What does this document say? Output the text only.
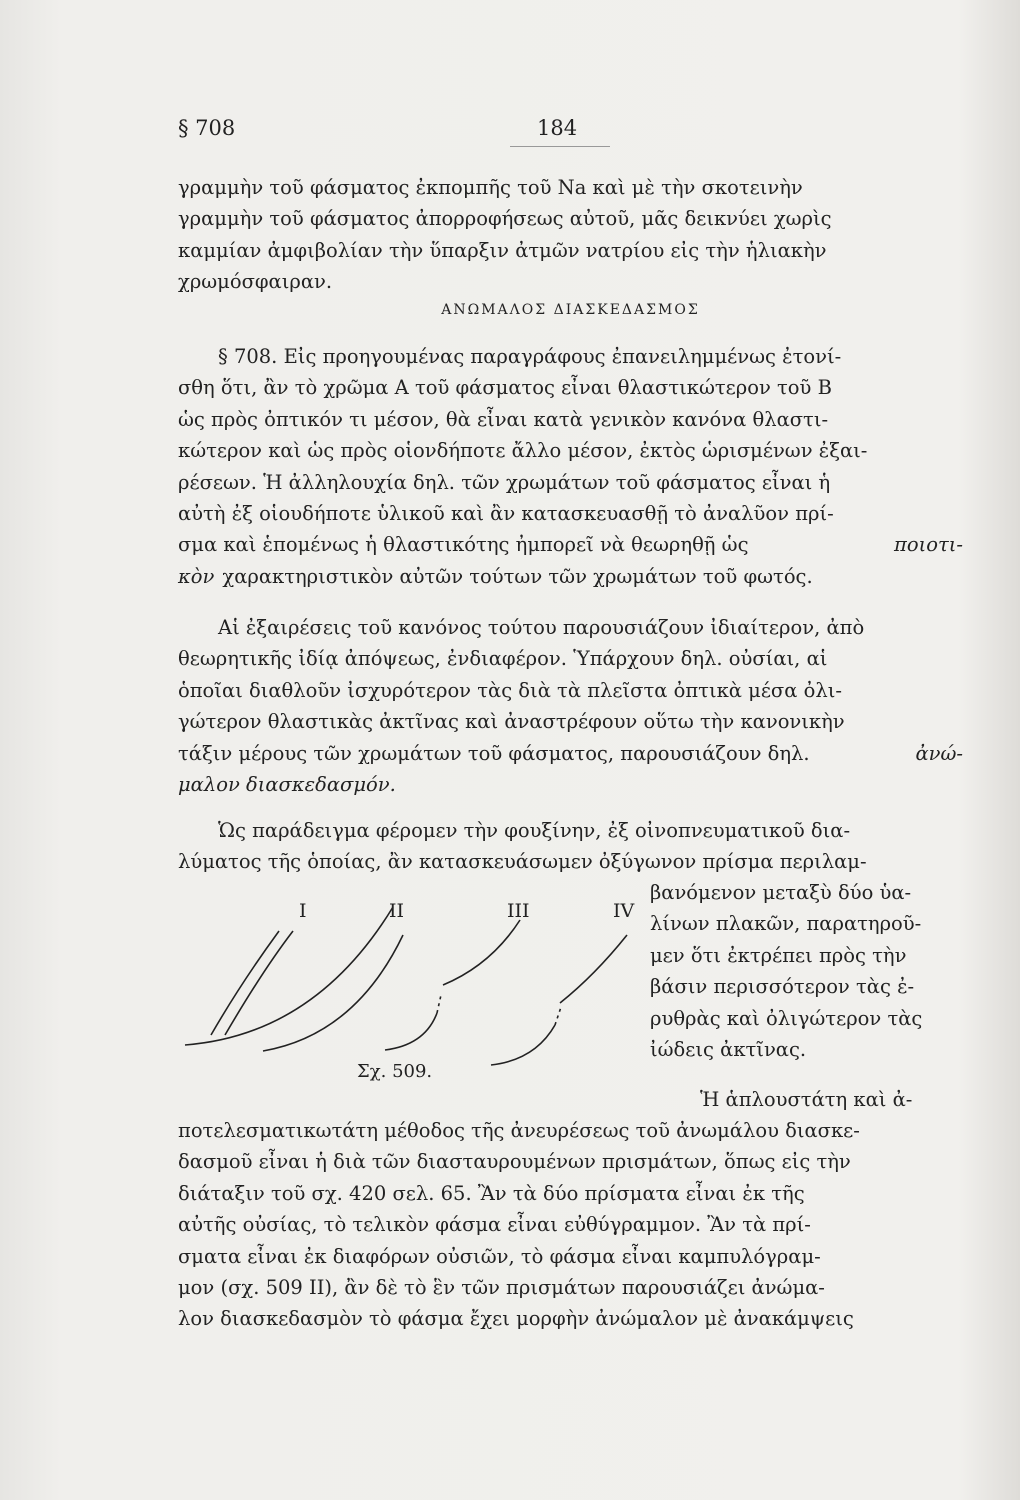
§ 708	184
γραμμὴν τοῦ φάσματος ἐκπομπῆς τοῦ Na καὶ μὲ τὴν σκοτεινὴν
γραμμὴν τοῦ φάσματος ἀπορροφήσεως αὐτοῦ, μᾶς δεικνύει χωρὶς
καμμίαν ἀμφιβολίαν τὴν ὕπαρξιν ἀτμῶν νατρίου εἰς τὴν ἡλιακὴν
χρωμόσφαιραν.
ΑΝΩΜΑΛΟΣ ΔΙΑΣΚΕΔΑΣΜΟΣ
§ 708. Εἰς προηγουμένας παραγράφους ἐπανειλημμένως ἐτονί-
σθη ὅτι, ἂν τὸ χρῶμα Α τοῦ φάσματος εἶναι θλαστικώτερον τοῦ Β
ὡς πρὸς ὀπτικόν τι μέσον, θὰ εἶναι κατὰ γενικὸν κανόνα θλαστι-
κώτερον καὶ ὡς πρὸς οἱονδήποτε ἄλλο μέσον, ἐκτὸς ὡρισμένων ἐξαι-
ρέσεων. Ἡ ἀλληλουχία δηλ. τῶν χρωμάτων τοῦ φάσματος εἶναι ἡ
αὐτὴ ἐξ οἱουδήποτε ὑλικοῦ καὶ ἂν κατασκευασθῇ τὸ ἀναλῦον πρί-
σμα καὶ ἑπομένως ἡ θλαστικότης ἠμπορεῖ νὰ θεωρηθῇ ὡς	ποιοτι-
κὸν χαρακτηριστικὸν αὐτῶν τούτων τῶν χρωμάτων τοῦ φωτός.
Αἱ ἐξαιρέσεις τοῦ κανόνος τούτου παρουσιάζουν ἰδιαίτερον, ἀπὸ
θεωρητικῆς ἰδίᾳ ἀπόψεως, ἐνδιαφέρον. Ὑπάρχουν δηλ. οὐσίαι, αἱ
ὁποῖαι διαθλοῦν ἰσχυρότερον τὰς διὰ τὰ πλεῖστα ὀπτικὰ μέσα ὀλι-
γώτερον θλαστικὰς ἀκτῖνας καὶ ἀναστρέφουν οὕτω τὴν κανονικὴν
τάξιν μέρους τῶν χρωμάτων τοῦ φάσματος, παρουσιάζουν δηλ.	ἀνώ-
μαλον διασκεδασμόν.
Ὡς παράδειγμα φέρομεν τὴν φουξίνην, ἐξ οἰνοπνευματικοῦ δια-
λύματος τῆς ὁποίας, ἂν κατασκευάσωμεν ὀξύγωνον πρίσμα περιλαμ-
βανόμενον μεταξὺ δύο ὑα-
λίνων πλακῶν, παρατηροῦ-
μεν ὅτι ἐκτρέπει πρὸς τὴν
βάσιν περισσότερον τὰς ἐ-
ρυθρὰς καὶ ὀλιγώτερον τὰς
ἰώδεις ἀκτῖνας.
I	II	III	IV
Σχ. 509.
Ἡ ἁπλουστάτη καὶ ἀ-
ποτελεσματικωτάτη μέθοδος τῆς ἀνευρέσεως τοῦ ἀνωμάλου διασκε-
δασμοῦ εἶναι ἡ διὰ τῶν διασταυρουμένων πρισμάτων, ὅπως εἰς τὴν
διάταξιν τοῦ σχ. 420 σελ. 65. Ἂν τὰ δύο πρίσματα εἶναι ἐκ τῆς
αὐτῆς οὐσίας, τὸ τελικὸν φάσμα εἶναι εὐθύγραμμον. Ἂν τὰ πρί-
σματα εἶναι ἐκ διαφόρων οὐσιῶν, τὸ φάσμα εἶναι καμπυλόγραμ-
μον (σχ. 509 II), ἂν δὲ τὸ ἓν τῶν πρισμάτων παρουσιάζει ἀνώμα-
λον διασκεδασμὸν τὸ φάσμα ἔχει μορφὴν ἀνώμαλον μὲ ἀνακάμψεις
